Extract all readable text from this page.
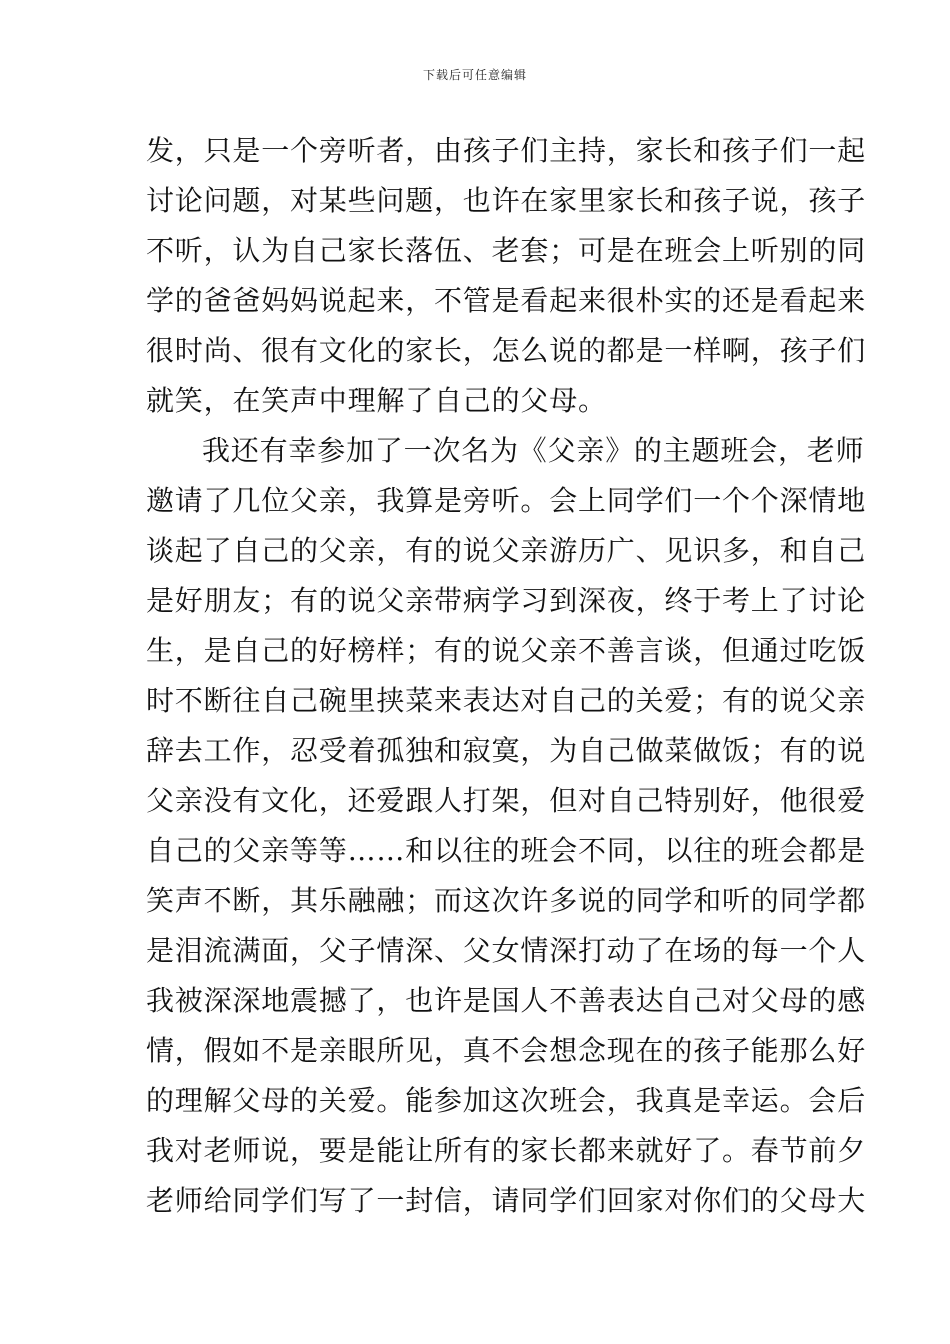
下载后可任意编辑
发，只是一个旁听者，由孩子们主持，家长和孩子们一起
讨论问题，对某些问题，也许在家里家长和孩子说，孩子
不听，认为自己家长落伍、老套；可是在班会上听别的同
学的爸爸妈妈说起来，不管是看起来很朴实的还是看起来
很时尚、很有文化的家长，怎么说的都是一样啊，孩子们
就笑，在笑声中理解了自己的父母。
我还有幸参加了一次名为《父亲》的主题班会，老师
邀请了几位父亲，我算是旁听。会上同学们一个个深情地
谈起了自己的父亲，有的说父亲游历广、见识多，和自己
是好朋友；有的说父亲带病学习到深夜，终于考上了讨论
生，是自己的好榜样；有的说父亲不善言谈，但通过吃饭
时不断往自己碗里挟菜来表达对自己的关爱；有的说父亲
辞去工作，忍受着孤独和寂寞，为自己做菜做饭；有的说
父亲没有文化，还爱跟人打架，但对自己特别好，他很爱
自己的父亲等等……和以往的班会不同，以往的班会都是
笑声不断，其乐融融；而这次许多说的同学和听的同学都
是泪流满面，父子情深、父女情深打动了在场的每一个人
我被深深地震撼了，也许是国人不善表达自己对父母的感
情，假如不是亲眼所见，真不会想念现在的孩子能那么好
的理解父母的关爱。能参加这次班会，我真是幸运。会后
我对老师说，要是能让所有的家长都来就好了。春节前夕
老师给同学们写了一封信，请同学们回家对你们的父母大
